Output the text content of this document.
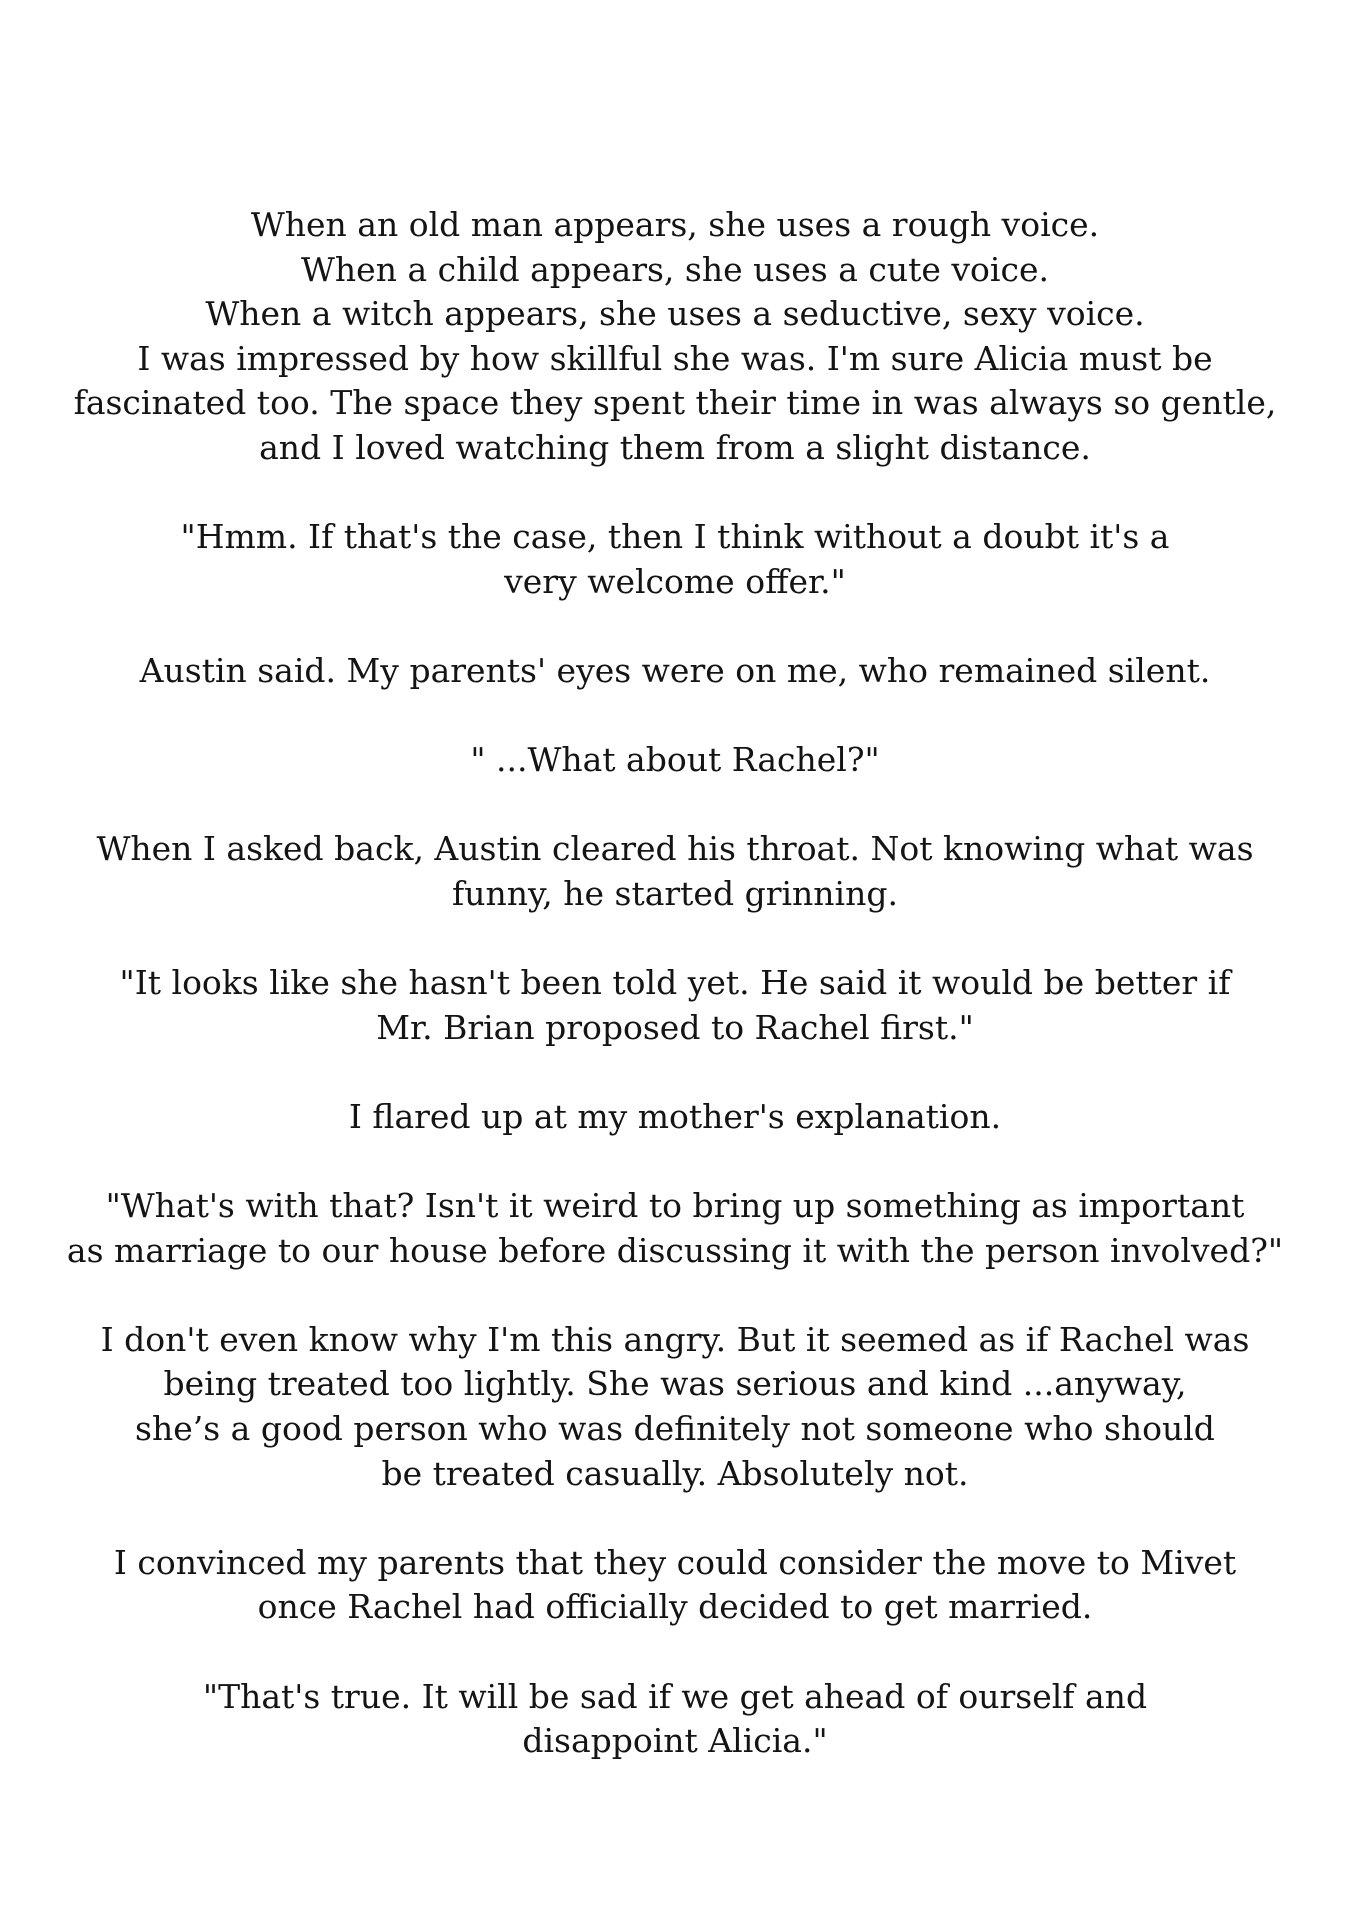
When an old man appears, she uses a rough voice.
When a child appears, she uses a cute voice.
When a witch appears, she uses a seductive, sexy voice.
I was impressed by how skillful she was. I'm sure Alicia must be
fascinated too. The space they spent their time in was always so gentle,
and I loved watching them from a slight distance.

"Hmm. If that's the case, then I think without a doubt it's a
very welcome offer."

Austin said. My parents' eyes were on me, who remained silent.

" ...What about Rachel?"

When I asked back, Austin cleared his throat. Not knowing what was
funny, he started grinning.

"It looks like she hasn't been told yet. He said it would be better if
Mr. Brian proposed to Rachel first."

I flared up at my mother's explanation.

"What's with that? Isn't it weird to bring up something as important
as marriage to our house before discussing it with the person involved?"

I don't even know why I'm this angry. But it seemed as if Rachel was
being treated too lightly. She was serious and kind ...anyway,
she’s a good person who was definitely not someone who should
be treated casually. Absolutely not.

I convinced my parents that they could consider the move to Mivet
once Rachel had officially decided to get married.

"That's true. It will be sad if we get ahead of ourself and
disappoint Alicia."
